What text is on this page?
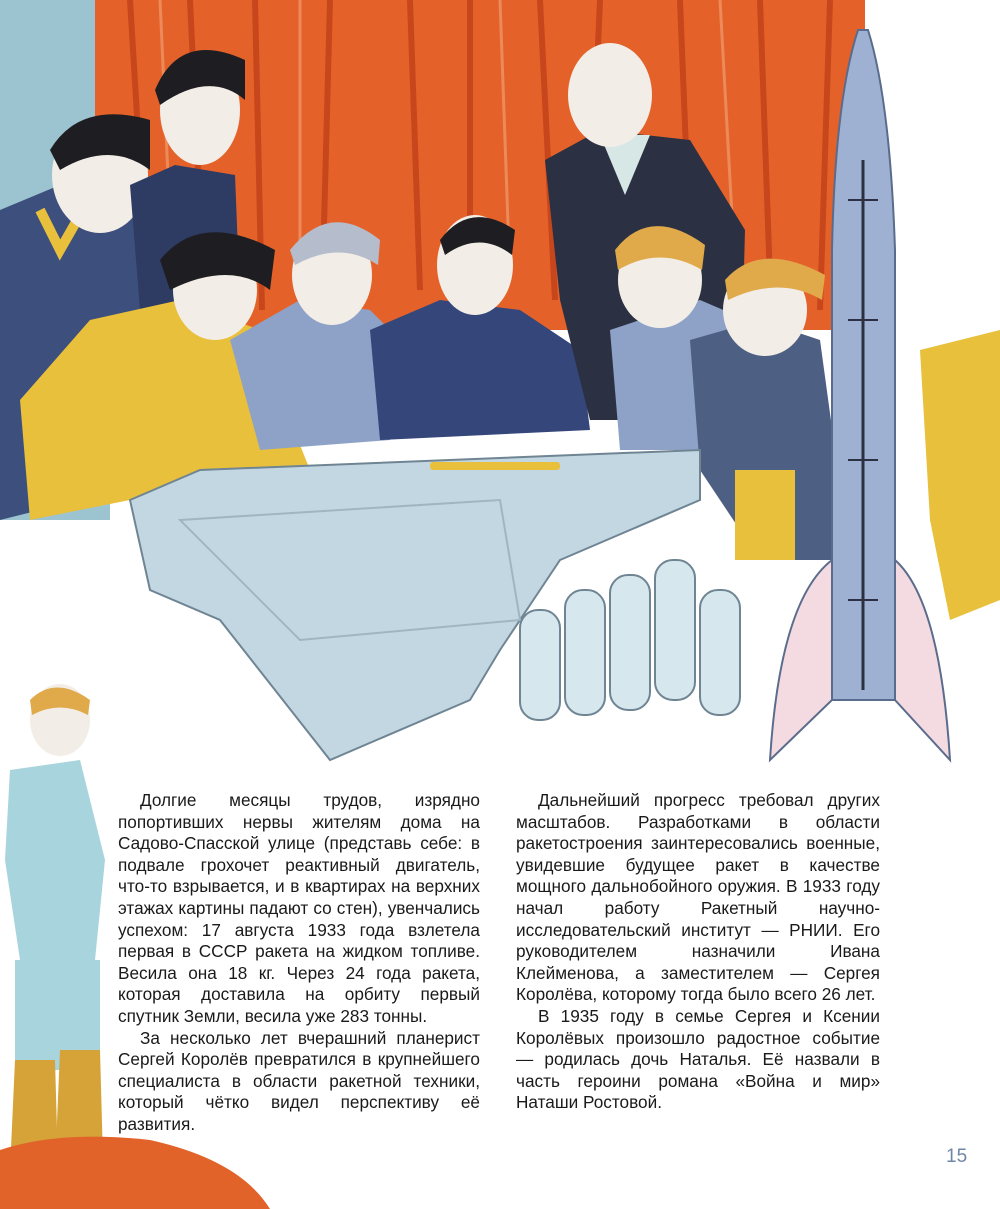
Долгие месяцы трудов, изрядно попортивших нервы жителям дома на Садово-Спасской улице (представь себе: в подвале грохочет реактивный двигатель, что-то взрывается, и в квартирах на верхних этажах картины падают со стен), увенчались успехом: 17 августа 1933 года взлетела первая в СССР ракета на жидком топливе. Весила она 18 кг. Через 24 года ракета, которая доставила на орбиту первый спутник Земли, весила уже 283 тонны.

За несколько лет вчерашний планерист Сергей Королёв превратился в крупнейшего специалиста в области ракетной техники, который чётко видел перспективу её развития.

Дальнейший прогресс требовал других масштабов. Разработками в области ракетостроения заинтересовались военные, увидевшие будущее ракет в качестве мощного дальнобойного оружия. В 1933 году начал работу Ракетный научно-исследовательский институт — РНИИ. Его руководителем назначили Ивана Клейменова, а заместителем — Сергея Королёва, которому тогда было всего 26 лет.

В 1935 году в семье Сергея и Ксении Королёвых произошло радостное событие — родилась дочь Наталья. Её назвали в часть героини романа «Война и мир» Наташи Ростовой.

15
